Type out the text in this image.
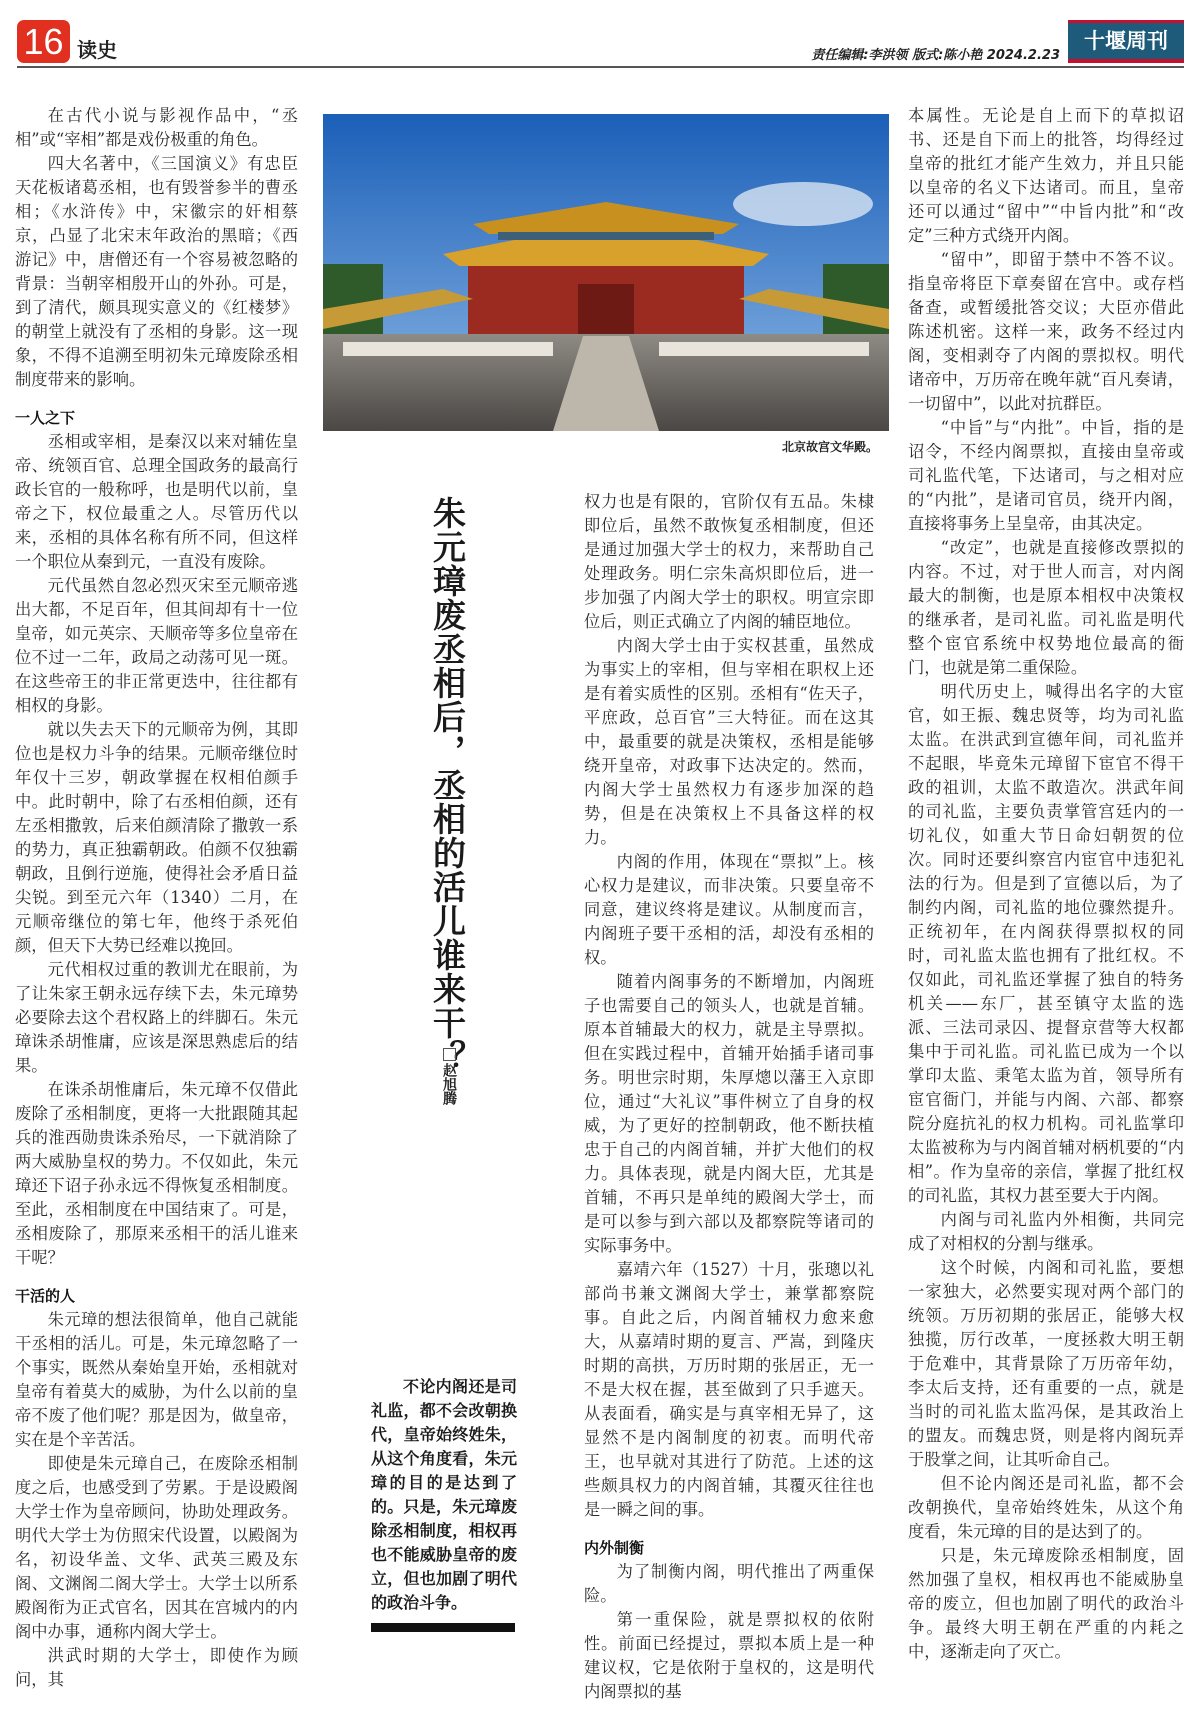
16 读史	责任编辑:李洪领 版式:陈小艳 2024.2.23
十堰周刊

在古代小说与影视作品中，“丞相”或“宰相”都是戏份极重的角色。

四大名著中，《三国演义》有忠臣天花板诸葛丞相，也有毁誉参半的曹丞相；《水浒传》中，宋徽宗的奸相蔡京，凸显了北宋末年政治的黑暗；《西游记》中，唐僧还有一个容易被忽略的背景：当朝宰相殷开山的外孙。可是，到了清代，颇具现实意义的《红楼梦》的朝堂上就没有了丞相的身影。这一现象，不得不追溯至明初朱元璋废除丞相制度带来的影响。

一人之下

丞相或宰相，是秦汉以来对辅佐皇帝、统领百官、总理全国政务的最高行政长官的一般称呼，也是明代以前，皇帝之下，权位最重之人。尽管历代以来，丞相的具体名称有所不同，但这样一个职位从秦到元，一直没有废除。

元代虽然自忽必烈灭宋至元顺帝逃出大都，不足百年，但其间却有十一位皇帝，如元英宗、天顺帝等多位皇帝在位不过一二年，政局之动荡可见一斑。在这些帝王的非正常更迭中，往往都有相权的身影。

就以失去天下的元顺帝为例，其即位也是权力斗争的结果。元顺帝继位时年仅十三岁，朝政掌握在权相伯颜手中。此时朝中，除了右丞相伯颜，还有左丞相撒敦，后来伯颜清除了撒敦一系的势力，真正独霸朝政。伯颜不仅独霸朝政，且倒行逆施，使得社会矛盾日益尖锐。到至元六年（1340）二月，在元顺帝继位的第七年，他终于杀死伯颜，但天下大势已经难以挽回。

元代相权过重的教训尤在眼前，为了让朱家王朝永远存续下去，朱元璋势必要除去这个君权路上的绊脚石。朱元璋诛杀胡惟庸，应该是深思熟虑后的结果。

在诛杀胡惟庸后，朱元璋不仅借此废除了丞相制度，更将一大批跟随其起兵的淮西勋贵诛杀殆尽，一下就消除了两大威胁皇权的势力。不仅如此，朱元璋还下诏子孙永远不得恢复丞相制度。至此，丞相制度在中国结束了。可是，丞相废除了，那原来丞相干的活儿谁来干呢？

干活的人

朱元璋的想法很简单，他自己就能干丞相的活儿。可是，朱元璋忽略了一个事实，既然从秦始皇开始，丞相就对皇帝有着莫大的威胁，为什么以前的皇帝不废了他们呢？那是因为，做皇帝，实在是个辛苦活。

即使是朱元璋自己，在废除丞相制度之后，也感受到了劳累。于是设殿阁大学士作为皇帝顾问，协助处理政务。明代大学士为仿照宋代设置，以殿阁为名，初设华盖、文华、武英三殿及东阁、文渊阁二阁大学士。大学士以所系殿阁衔为正式官名，因其在宫城内的内阁中办事，通称内阁大学士。

洪武时期的大学士，即使作为顾问，其

北京故宫文华殿。
朱元璋废丞相后，丞相的活儿谁来干？
赵旭腾
不论内阁还是司礼监，都不会改朝换代，皇帝始终姓朱，从这个角度看，朱元璋的目的是达到了的。只是，朱元璋废除丞相制度，相权再也不能威胁皇帝的废立，但也加剧了明代的政治斗争。

权力也是有限的，官阶仅有五品。朱棣即位后，虽然不敢恢复丞相制度，但还是通过加强大学士的权力，来帮助自己处理政务。明仁宗朱高炽即位后，进一步加强了内阁大学士的职权。明宣宗即位后，则正式确立了内阁的辅臣地位。

内阁大学士由于实权甚重，虽然成为事实上的宰相，但与宰相在职权上还是有着实质性的区别。丞相有“佐天子，平庶政，总百官”三大特征。而在这其中，最重要的就是决策权，丞相是能够绕开皇帝，对政事下达决定的。然而，内阁大学士虽然权力有逐步加深的趋势，但是在决策权上不具备这样的权力。

内阁的作用，体现在“票拟”上。核心权力是建议，而非决策。只要皇帝不同意，建议终将是建议。从制度而言，内阁班子要干丞相的活，却没有丞相的权。

随着内阁事务的不断增加，内阁班子也需要自己的领头人，也就是首辅。原本首辅最大的权力，就是主导票拟。但在实践过程中，首辅开始插手诸司事务。明世宗时期，朱厚熜以藩王入京即位，通过“大礼议”事件树立了自身的权威，为了更好的控制朝政，他不断扶植忠于自己的内阁首辅，并扩大他们的权力。具体表现，就是内阁大臣，尤其是首辅，不再只是单纯的殿阁大学士，而是可以参与到六部以及都察院等诸司的实际事务中。

嘉靖六年（1527）十月，张璁以礼部尚书兼文渊阁大学士，兼掌都察院事。自此之后，内阁首辅权力愈来愈大，从嘉靖时期的夏言、严嵩，到隆庆时期的高拱，万历时期的张居正，无一不是大权在握，甚至做到了只手遮天。从表面看，确实是与真宰相无异了，这显然不是内阁制度的初衷。而明代帝王，也早就对其进行了防范。上述的这些颇具权力的内阁首辅，其覆灭往往也是一瞬之间的事。

内外制衡

为了制衡内阁，明代推出了两重保险。

第一重保险，就是票拟权的依附性。前面已经提过，票拟本质上是一种建议权，它是依附于皇权的，这是明代内阁票拟的基

本属性。无论是自上而下的草拟诏书、还是自下而上的批答，均得经过皇帝的批红才能产生效力，并且只能以皇帝的名义下达诸司。而且，皇帝还可以通过“留中”“中旨内批”和“改定”三种方式绕开内阁。

“留中”，即留于禁中不答不议。指皇帝将臣下章奏留在宫中。或存档备查，或暂缓批答交议；大臣亦借此陈述机密。这样一来，政务不经过内阁，变相剥夺了内阁的票拟权。明代诸帝中，万历帝在晚年就“百凡奏请，一切留中”，以此对抗群臣。

“中旨”与“内批”。中旨，指的是诏令，不经内阁票拟，直接由皇帝或司礼监代笔，下达诸司，与之相对应的“内批”，是诸司官员，绕开内阁，直接将事务上呈皇帝，由其决定。

“改定”，也就是直接修改票拟的内容。不过，对于世人而言，对内阁最大的制衡，也是原本相权中决策权的继承者，是司礼监。司礼监是明代整个宦官系统中权势地位最高的衙门，也就是第二重保险。

明代历史上，喊得出名字的大宦官，如王振、魏忠贤等，均为司礼监太监。在洪武到宣德年间，司礼监并不起眼，毕竟朱元璋留下宦官不得干政的祖训，太监不敢造次。洪武年间的司礼监，主要负责掌管宫廷内的一切礼仪，如重大节日命妇朝贺的位次。同时还要纠察宫内宦官中违犯礼法的行为。但是到了宣德以后，为了制约内阁，司礼监的地位骤然提升。正统初年，在内阁获得票拟权的同时，司礼监太监也拥有了批红权。不仅如此，司礼监还掌握了独自的特务机关——东厂，甚至镇守太监的选派、三法司录囚、提督京营等大权都集中于司礼监。司礼监已成为一个以掌印太监、秉笔太监为首，领导所有宦官衙门，并能与内阁、六部、都察院分庭抗礼的权力机构。司礼监掌印太监被称为与内阁首辅对柄机要的“内相”。作为皇帝的亲信，掌握了批红权的司礼监，其权力甚至要大于内阁。

内阁与司礼监内外相衡，共同完成了对相权的分割与继承。

这个时候，内阁和司礼监，要想一家独大，必然要实现对两个部门的统领。万历初期的张居正，能够大权独揽，厉行改革，一度拯救大明王朝于危难中，其背景除了万历帝年幼，李太后支持，还有重要的一点，就是当时的司礼监太监冯保，是其政治上的盟友。而魏忠贤，则是将内阁玩弄于股掌之间，让其听命自己。

但不论内阁还是司礼监，都不会改朝换代，皇帝始终姓朱，从这个角度看，朱元璋的目的是达到了的。

只是，朱元璋废除丞相制度，固然加强了皇权，相权再也不能威胁皇帝的废立，但也加剧了明代的政治斗争。最终大明王朝在严重的内耗之中，逐渐走向了灭亡。
